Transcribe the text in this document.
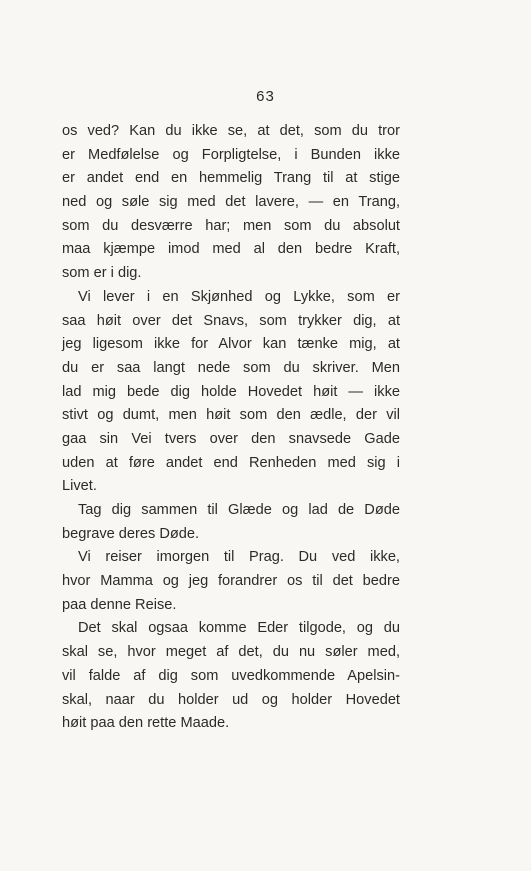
63
os ved? Kan du ikke se, at det, som du tror
er Medfølelse og Forpligtelse, i Bunden ikke
er andet end en hemmelig Trang til at stige
ned og søle sig med det lavere, — en Trang,
som du desværre har; men som du absolut
maa kjæmpe imod med al den bedre Kraft,
som er i dig.
Vi lever i en Skjønhed og Lykke, som er
saa høit over det Snavs, som trykker dig, at
jeg ligesom ikke for Alvor kan tænke mig, at
du er saa langt nede som du skriver. Men
lad mig bede dig holde Hovedet høit — ikke
stivt og dumt, men høit som den ædle, der vil
gaa sin Vei tvers over den snavsede Gade
uden at føre andet end Renheden med sig i
Livet.
Tag dig sammen til Glæde og lad de Døde
begrave deres Døde.
Vi reiser imorgen til Prag. Du ved ikke,
hvor Mamma og jeg forandrer os til det bedre
paa denne Reise.
Det skal ogsaa komme Eder tilgode, og du
skal se, hvor meget af det, du nu søler med,
vil falde af dig som uvedkommende Apelsin-
skal, naar du holder ud og holder Hovedet
høit paa den rette Maade.
